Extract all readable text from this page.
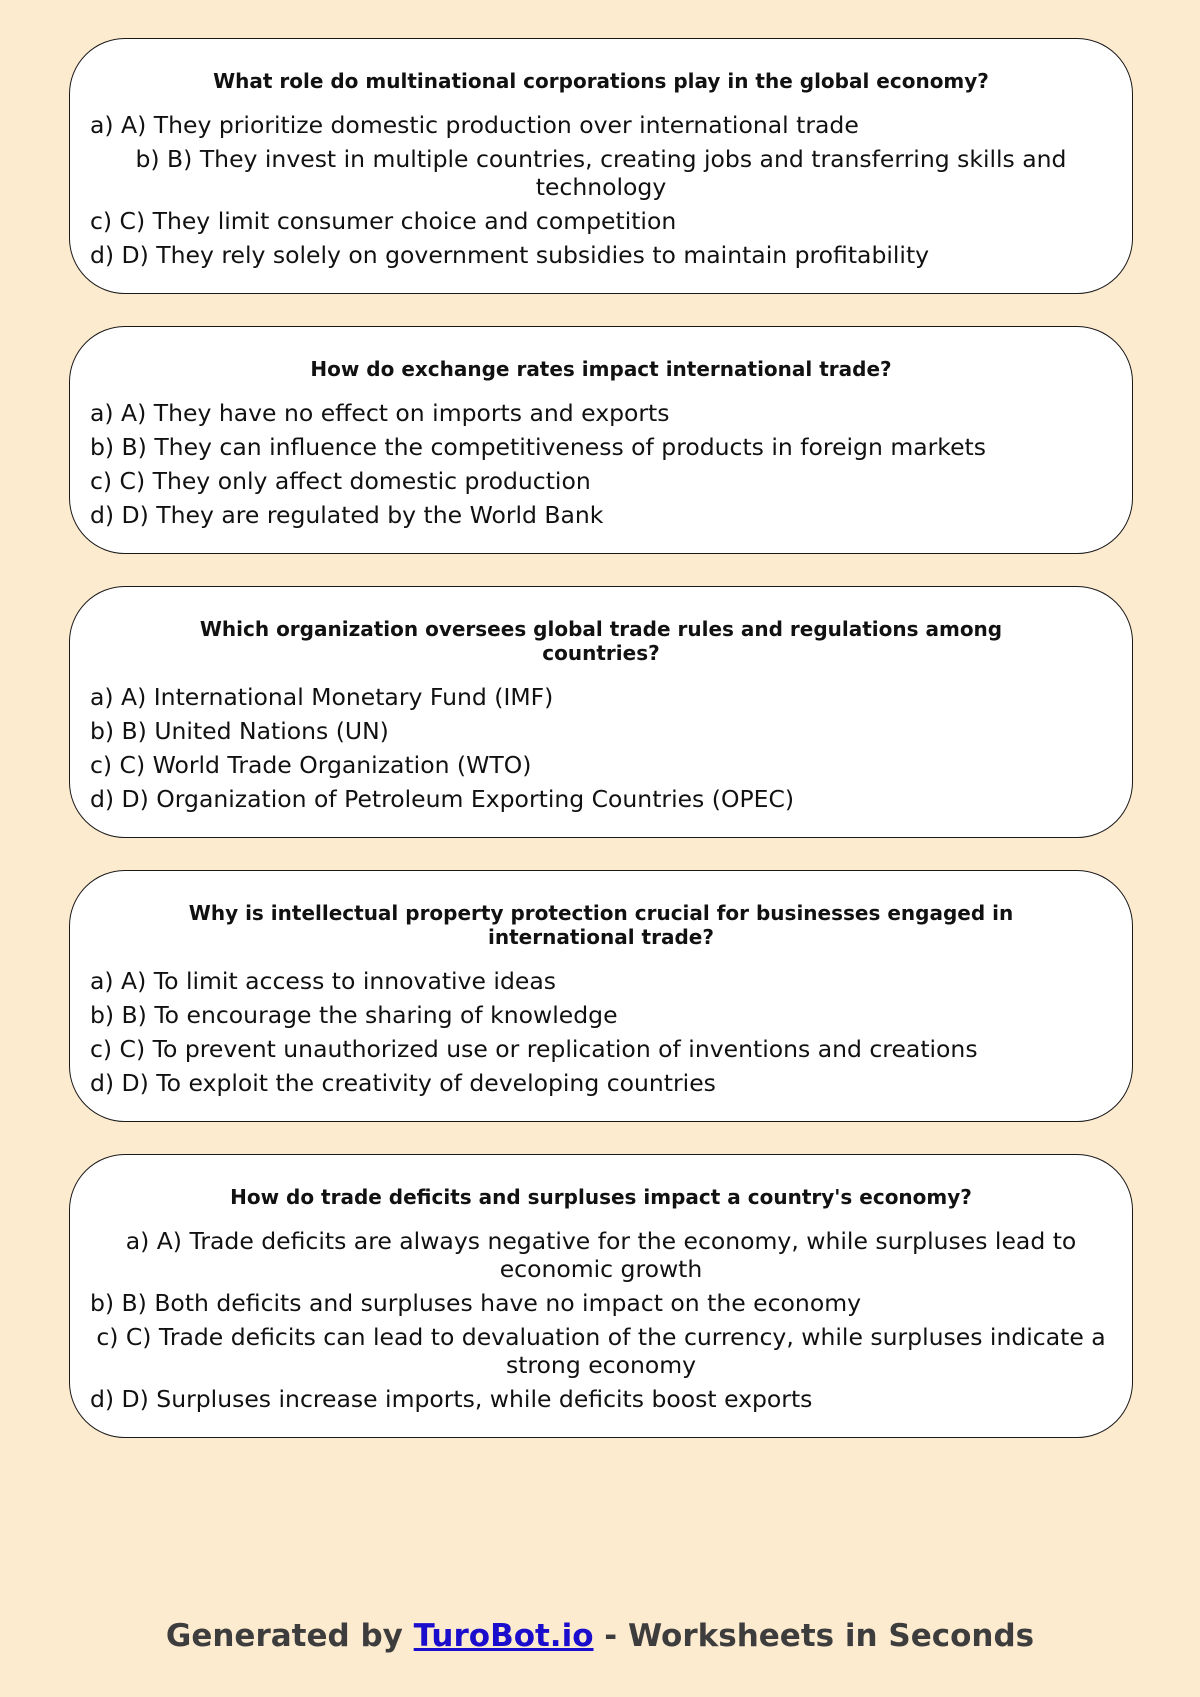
What role do multinational corporations play in the global economy?

a) A) They prioritize domestic production over international trade
b) B) They invest in multiple countries, creating jobs and transferring skills and technology
c) C) They limit consumer choice and competition
d) D) They rely solely on government subsidies to maintain profitability

How do exchange rates impact international trade?

a) A) They have no effect on imports and exports
b) B) They can influence the competitiveness of products in foreign markets
c) C) They only affect domestic production
d) D) They are regulated by the World Bank

Which organization oversees global trade rules and regulations among countries?

a) A) International Monetary Fund (IMF)
b) B) United Nations (UN)
c) C) World Trade Organization (WTO)
d) D) Organization of Petroleum Exporting Countries (OPEC)

Why is intellectual property protection crucial for businesses engaged in international trade?

a) A) To limit access to innovative ideas
b) B) To encourage the sharing of knowledge
c) C) To prevent unauthorized use or replication of inventions and creations
d) D) To exploit the creativity of developing countries

How do trade deficits and surpluses impact a country's economy?

a) A) Trade deficits are always negative for the economy, while surpluses lead to economic growth
b) B) Both deficits and surpluses have no impact on the economy
c) C) Trade deficits can lead to devaluation of the currency, while surpluses indicate a strong economy
d) D) Surpluses increase imports, while deficits boost exports
Generated by TuroBot.io - Worksheets in Seconds
